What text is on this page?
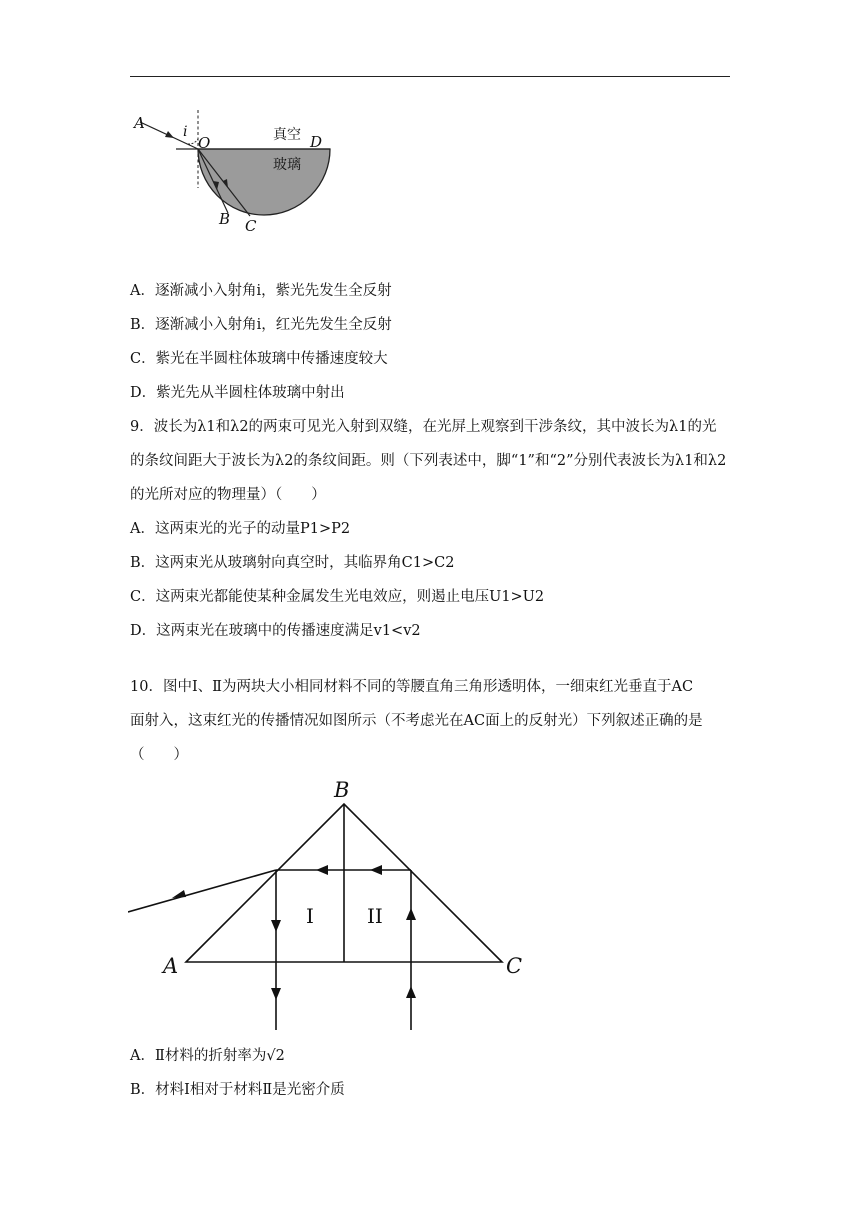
A	i
O	D
B C
真空
玻璃
A．逐渐减小入射角i，紫光先发生全反射
B．逐渐减小入射角i，红光先发生全反射
C．紫光在半圆柱体玻璃中传播速度较大
D．紫光先从半圆柱体玻璃中射出
9．波长为λ1和λ2的两束可见光入射到双缝，在光屏上观察到干涉条纹，其中波长为λ1的光
的条纹间距大于波长为λ2的条纹间距。则（下列表述中，脚“1”和“2”分别代表波长为λ1和λ2
的光所对应的物理量）（　　）
A．这两束光的光子的动量P1>P2
B．这两束光从玻璃射向真空时，其临界角C1>C2
C．这两束光都能使某种金属发生光电效应，则遏止电压U1>U2
D．这两束光在玻璃中的传播速度满足v1<v2
10．图中Ⅰ、Ⅱ为两块大小相同材料不同的等腰直角三角形透明体，一细束红光垂直于AC
面射入，这束红光的传播情况如图所示（不考虑光在AC面上的反射光）下列叙述正确的是
（　　）
B
A	C
I	II
A．Ⅱ材料的折射率为√2
B．材料Ⅰ相对于材料Ⅱ是光密介质
